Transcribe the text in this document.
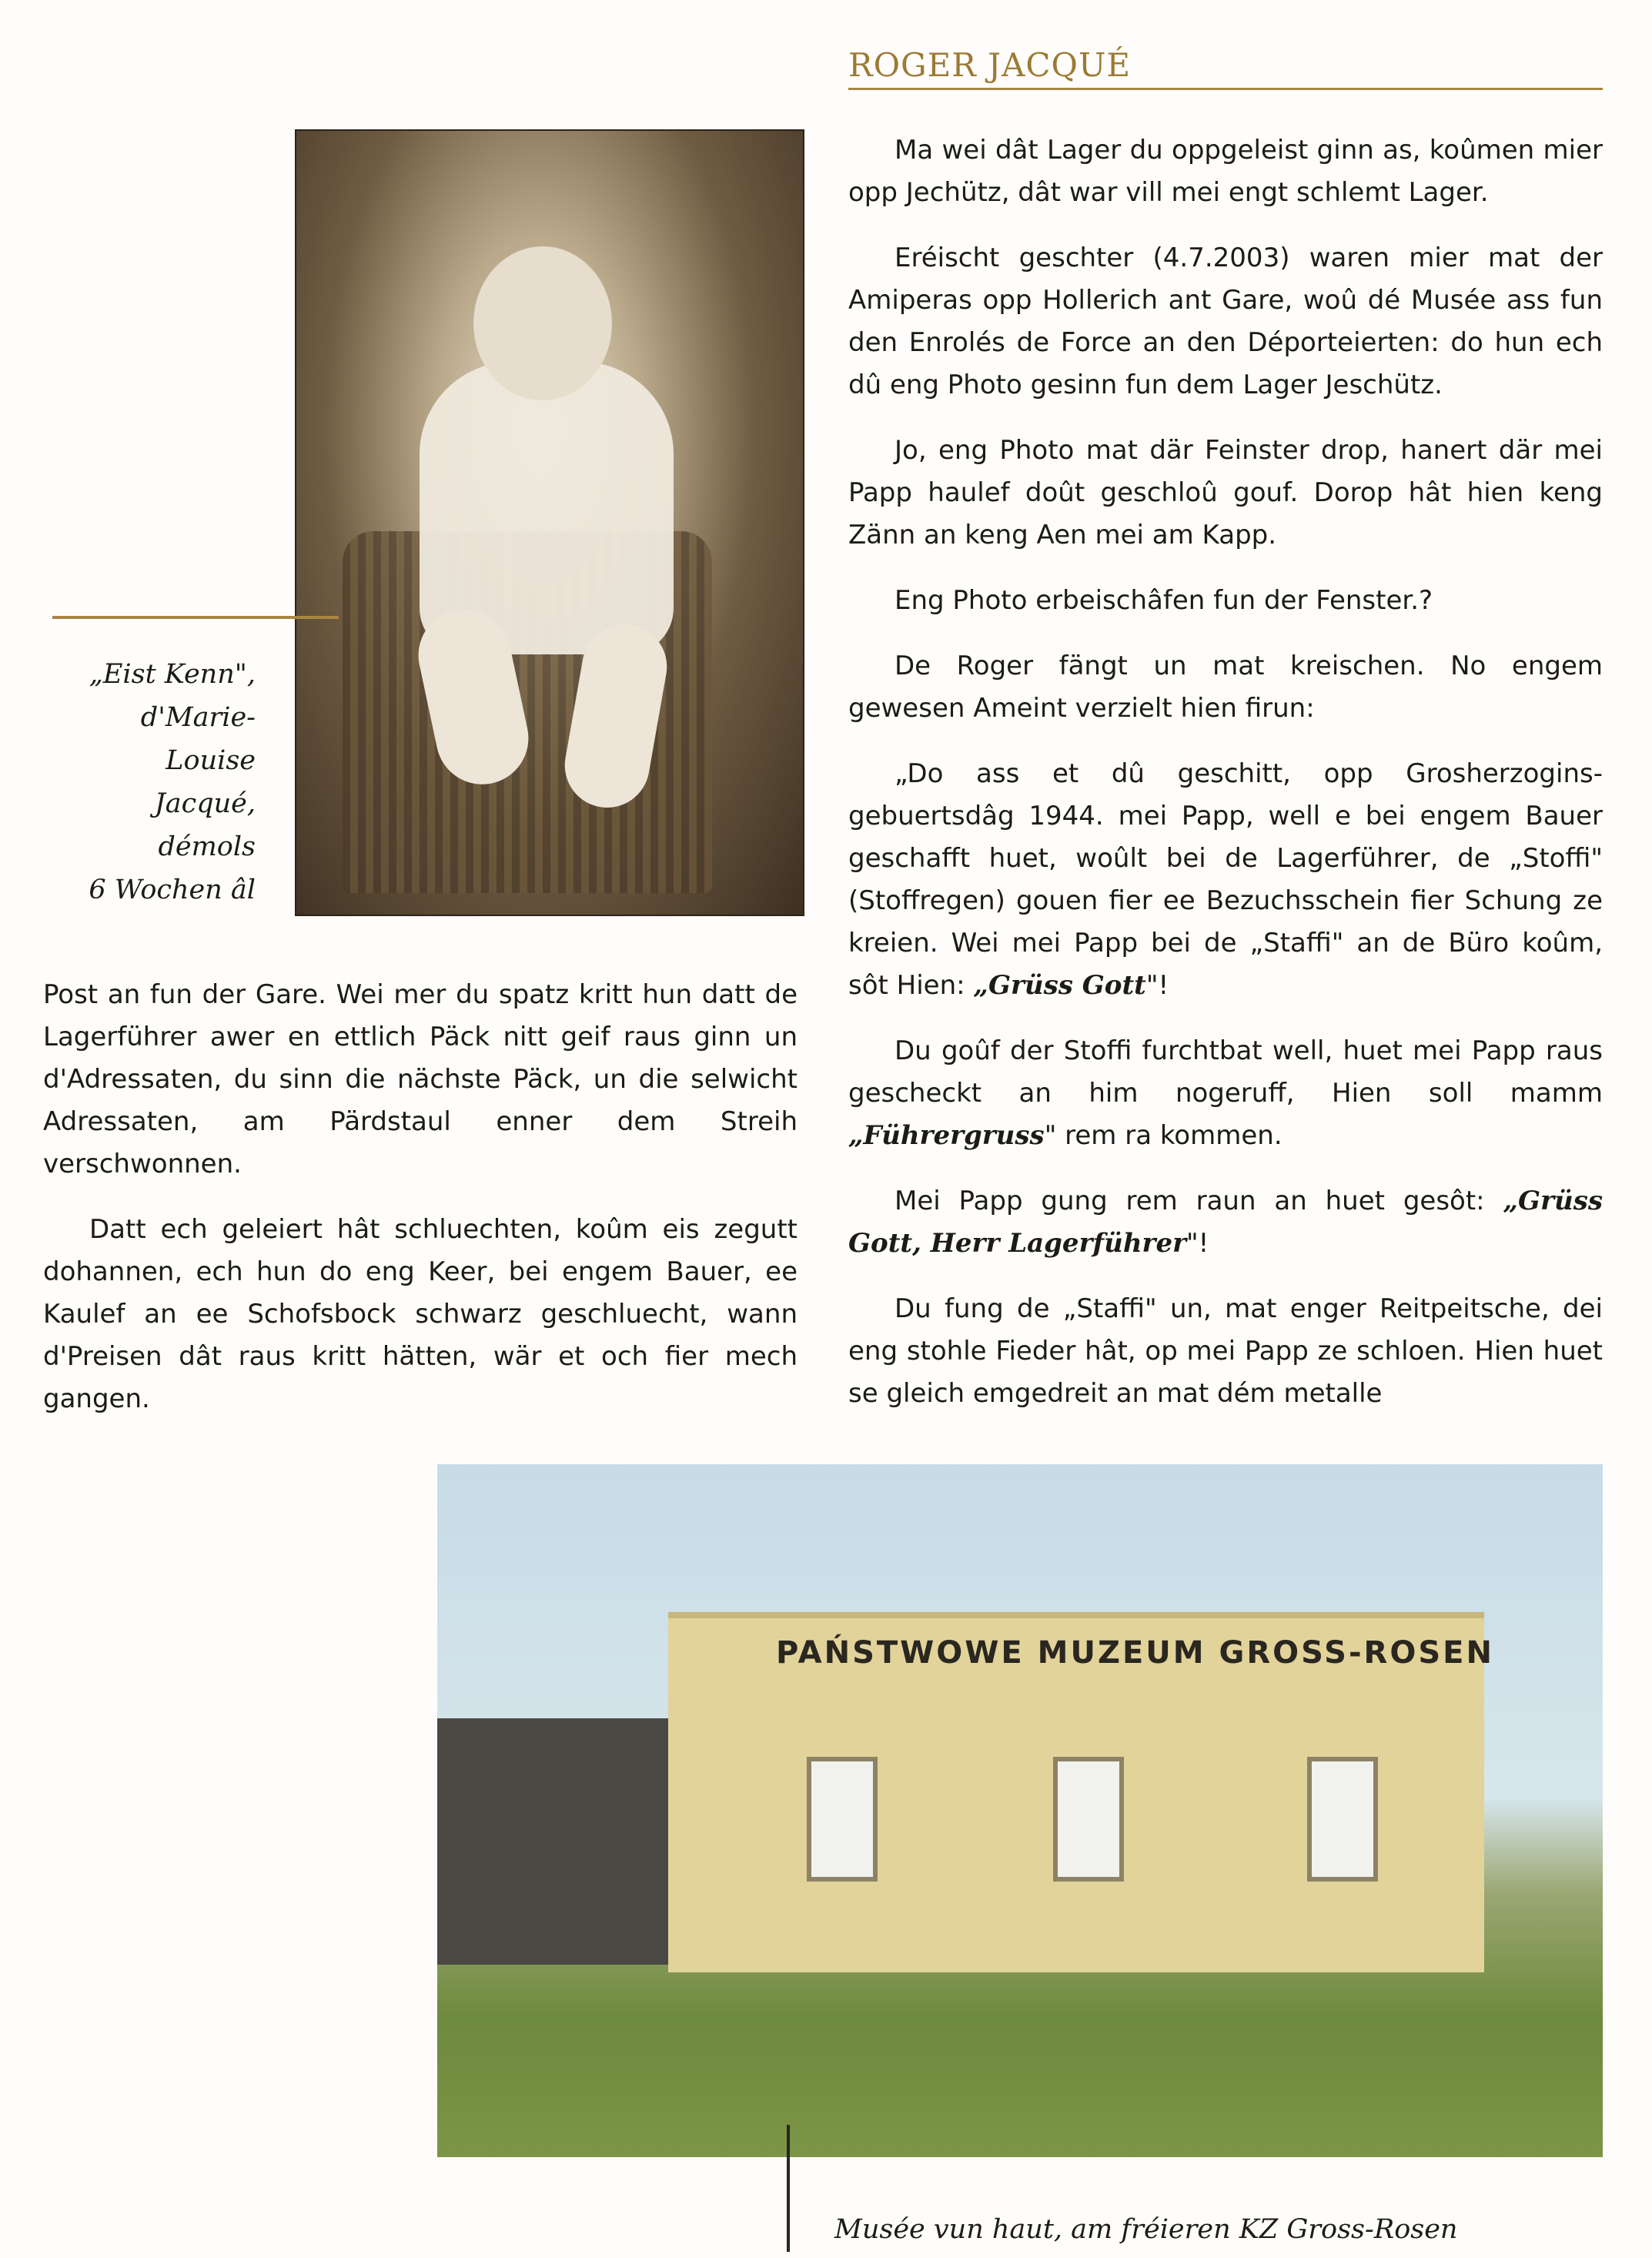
ROGER JACQUÉ
„Eist Kenn",
d'Marie-Louise
Jacqué, démols
6 Wochen âl

Ma wei dât Lager du oppgeleist ginn as, koûmen mier opp Jechütz, dât war vill mei engt schlemt Lager.

Eréischt geschter (4.7.2003) waren mier mat der Amiperas opp Hollerich ant Gare, woû dé Musée ass fun den Enrolés de Force an den Déporteierten: do hun ech dû eng Photo gesinn fun dem Lager Jeschütz.

Jo, eng Photo mat där Feinster drop, hanert där mei Papp haulef doût geschloû gouf. Dorop hât hien keng Zänn an keng Aen mei am Kapp.

Eng Photo erbeischâfen fun der Fenster.?

De Roger fängt un mat kreischen. No engem gewesen Ameint verzielt hien firun:

„Do ass et dû geschitt, opp Grosherzogins-gebuertsdâg 1944. mei Papp, well e bei engem Bauer geschafft huet, woûlt bei de Lagerführer, de „Stoffi" (Stoffregen) gouen fier ee Bezuchsschein fier Schung ze kreien. Wei mei Papp bei de „Staffi" an de Büro koûm, sôt Hien: „Grüss Gott"!

Du goûf der Stoffi furchtbat well, huet mei Papp raus gescheckt an him nogeruff, Hien soll mamm „Führergruss" rem ra kommen.

Mei Papp gung rem raun an huet gesôt: „Grüss Gott, Herr Lagerführer"!

Du fung de „Staffi" un, mat enger Reitpeitsche, dei eng stohle Fieder hât, op mei Papp ze schloen. Hien huet se gleich emgedreit an mat dém metalle

Post an fun der Gare. Wei mer du spatz kritt hun datt de Lagerführer awer en ettlich Päck nitt geif raus ginn un d'Adressaten, du sinn die nächste Päck, un die selwicht Adressaten, am Pärdstaul enner dem Streih verschwonnen.

Datt ech geleiert hât schluechten, koûm eis zegutt dohannen, ech hun do eng Keer, bei engem Bauer, ee Kaulef an ee Schofsbock schwarz geschluecht, wann d'Preisen dât raus kritt hätten, wär et och fier mech gangen.

PAŃSTWOWE MUZEUM GROSS-ROSEN
Musée vun haut, am fréieren KZ Gross-Rosen
